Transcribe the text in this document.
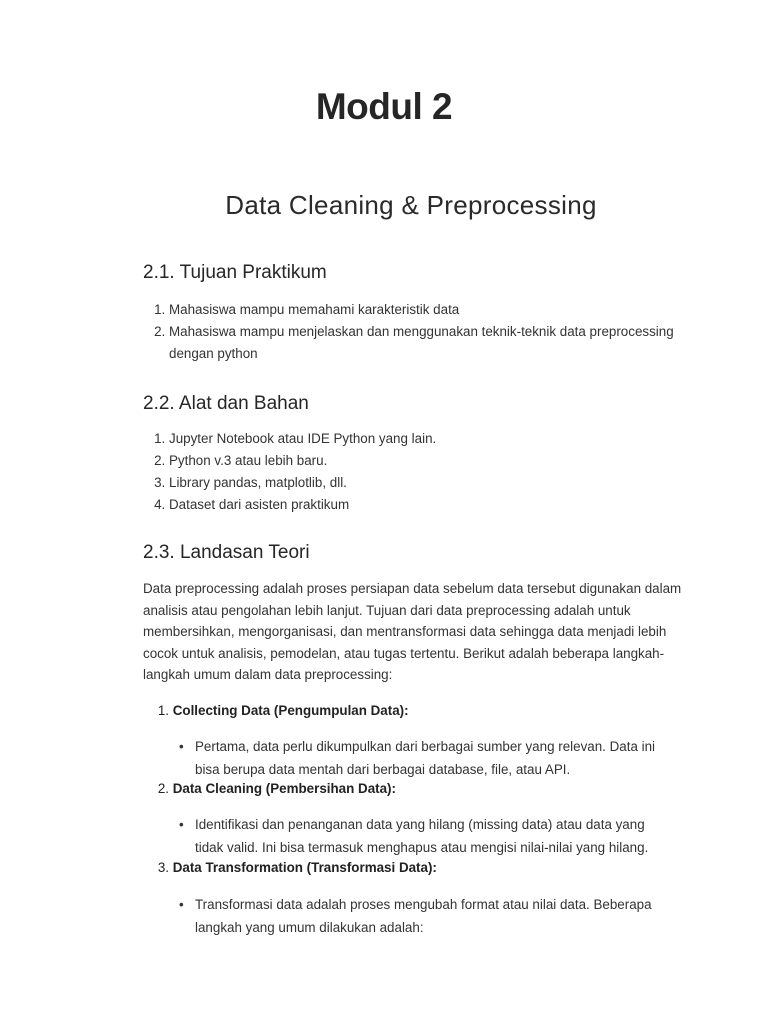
Modul 2
Data Cleaning & Preprocessing
2.1. Tujuan Praktikum
1. Mahasiswa mampu memahami karakteristik data
2. Mahasiswa mampu menjelaskan dan menggunakan teknik-teknik data preprocessing dengan python
2.2. Alat dan Bahan
1. Jupyter Notebook atau IDE Python yang lain.
2. Python v.3 atau lebih baru.
3. Library pandas, matplotlib, dll.
4. Dataset dari asisten praktikum
2.3. Landasan Teori

Data preprocessing adalah proses persiapan data sebelum data tersebut digunakan dalam analisis atau pengolahan lebih lanjut. Tujuan dari data preprocessing adalah untuk membersihkan, mengorganisasi, dan mentransformasi data sehingga data menjadi lebih cocok untuk analisis, pemodelan, atau tugas tertentu. Berikut adalah beberapa langkah-langkah umum dalam data preprocessing:

1. Collecting Data (Pengumpulan Data):
• Pertama, data perlu dikumpulkan dari berbagai sumber yang relevan. Data ini bisa berupa data mentah dari berbagai database, file, atau API.
2. Data Cleaning (Pembersihan Data):
• Identifikasi dan penanganan data yang hilang (missing data) atau data yang tidak valid. Ini bisa termasuk menghapus atau mengisi nilai-nilai yang hilang.
3. Data Transformation (Transformasi Data):
• Transformasi data adalah proses mengubah format atau nilai data. Beberapa langkah yang umum dilakukan adalah:
